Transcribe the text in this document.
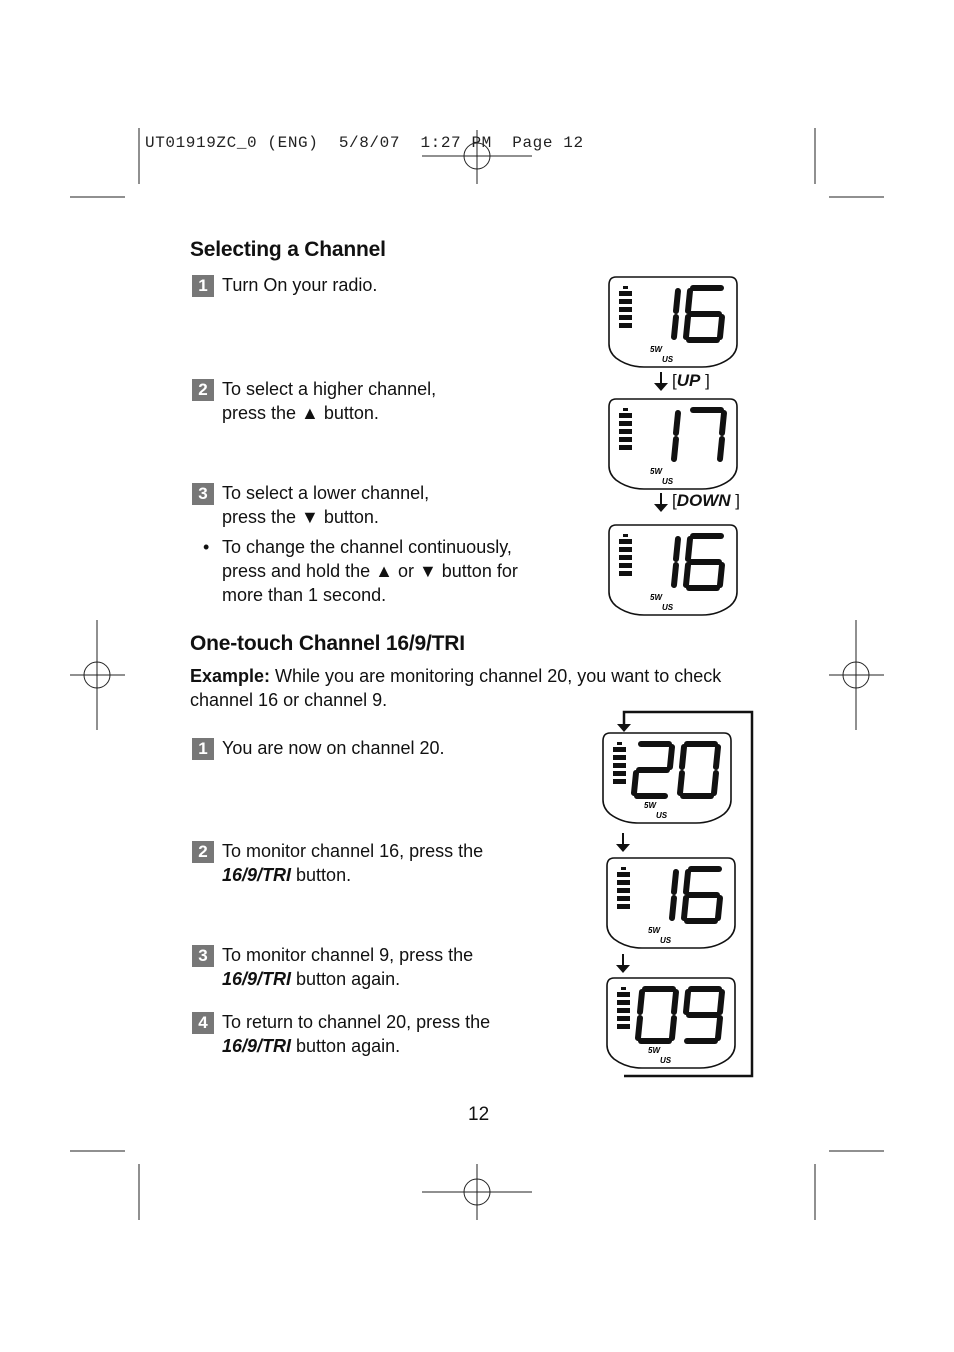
UT01919ZC_0 (ENG)  5/8/07  1:27 PM  Page 12
Selecting a Channel
1 Turn On your radio.
2 To select a higher channel,
press the ▲ button.
3 To select a lower channel,
press the ▼ button.
• To change the channel continuously,
press and hold the ▲ or ▼ button for
more than 1 second.
5W
US
[UP ]
5W
US
[DOWN ]
5W
US
One-touch Channel 16/9/TRI
Example: While you are monitoring channel 20, you want to check
channel 16 or channel 9.
1 You are now on channel 20.
2 To monitor channel 16, press the
16/9/TRI button.
3 To monitor channel 9, press the
16/9/TRI button again.
4 To return to channel 20, press the
16/9/TRI button again.
5W
US
5W
US
5W
US
12
